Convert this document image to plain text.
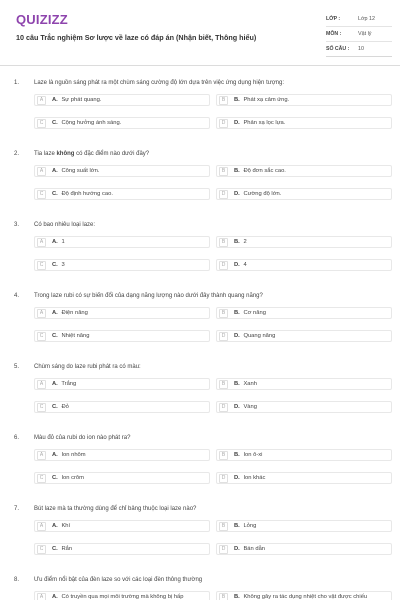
QUIZIZZ
10 câu Trắc nghiệm Sơ lược về laze có đáp án (Nhận biết, Thông hiểu)
LỚP :	Lớp 12
MÔN :	Vật lý
SỐ CÂU :	10
1. Laze là nguồn sáng phát ra một chùm sáng cường độ lớn dựa trên việc ứng dụng hiện tượng:
A	A. Sự phát quang.	B	B. Phát xạ cảm ứng.
C	C. Cộng hưởng ánh sáng.	D	D. Phản xạ lọc lựa.
2. Tia laze không có đặc điểm nào dưới đây?
A	A. Công suất lớn.	B	B. Độ đơn sắc cao.
C	C. Độ định hướng cao.	D	D. Cường độ lớn.
3. Có bao nhiêu loại laze:
A	A. 1	B	B. 2
C	C. 3	D	D. 4
4. Trong laze rubi có sự biến đổi của dạng năng lượng nào dưới đây thành quang năng?
A	A. Điện năng	B	B. Cơ năng
C	C. Nhiệt năng	D	D. Quang năng
5. Chùm sáng do laze rubi phát ra có màu:
A	A. Trắng	B	B. Xanh
C	C. Đỏ	D	D. Vàng
6. Màu đỏ của rubi do ion nào phát ra?
A	A. Ion nhôm	B	B. Ion ô-xi
C	C. Ion crôm	D	D. Ion khác
7. Bút laze mà ta thường dùng để chỉ bảng thuộc loại laze nào?
A	A. Khí	B	B. Lỏng
C	C. Rắn	D	D. Bán dẫn
8. Ưu điểm nổi bật của đèn laze so với các loại đèn thông thường
A	A. Có truyền qua mọi môi trường mà không bị hấp	B	B. Không gây ra tác dụng nhiệt cho vật được chiếu
